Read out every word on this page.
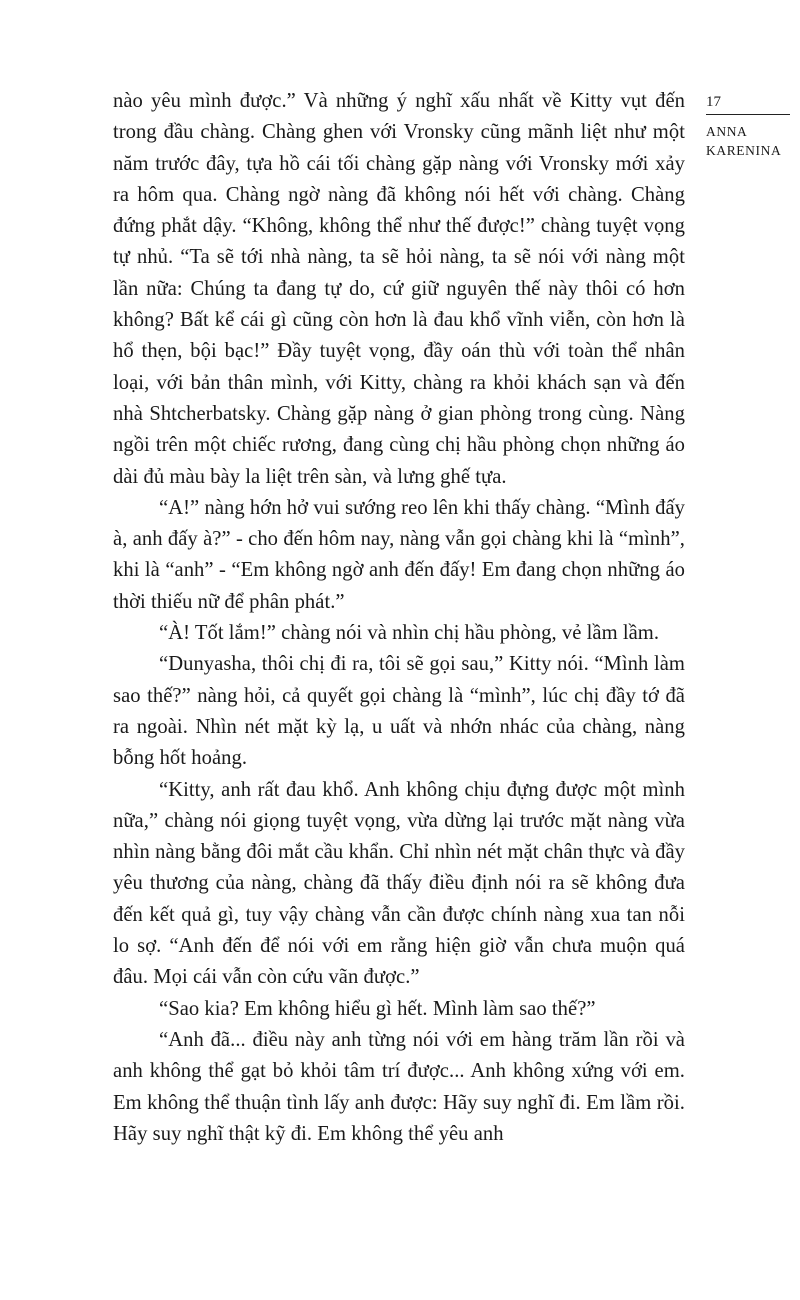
nào yêu mình được.” Và những ý nghĩ xấu nhất về Kitty vụt đến trong đầu chàng. Chàng ghen với Vronsky cũng mãnh liệt như một năm trước đây, tựa hồ cái tối chàng gặp nàng với Vronsky mới xảy ra hôm qua. Chàng ngờ nàng đã không nói hết với chàng. Chàng đứng phắt dậy. “Không, không thể như thế được!” chàng tuyệt vọng tự nhủ. “Ta sẽ tới nhà nàng, ta sẽ hỏi nàng, ta sẽ nói với nàng một lần nữa: Chúng ta đang tự do, cứ giữ nguyên thế này thôi có hơn không? Bất kể cái gì cũng còn hơn là đau khổ vĩnh viễn, còn hơn là hổ thẹn, bội bạc!” Đầy tuyệt vọng, đầy oán thù với toàn thể nhân loại, với bản thân mình, với Kitty, chàng ra khỏi khách sạn và đến nhà Shtcherbatsky. Chàng gặp nàng ở gian phòng trong cùng. Nàng ngồi trên một chiếc rương, đang cùng chị hầu phòng chọn những áo dài đủ màu bày la liệt trên sàn, và lưng ghế tựa.

“A!” nàng hớn hở vui sướng reo lên khi thấy chàng. “Mình đấy à, anh đấy à?” - cho đến hôm nay, nàng vẫn gọi chàng khi là “mình”, khi là “anh” - “Em không ngờ anh đến đấy! Em đang chọn những áo thời thiếu nữ để phân phát.”

“À! Tốt lắm!” chàng nói và nhìn chị hầu phòng, vẻ lầm lầm.

“Dunyasha, thôi chị đi ra, tôi sẽ gọi sau,” Kitty nói. “Mình làm sao thế?” nàng hỏi, cả quyết gọi chàng là “mình”, lúc chị đầy tớ đã ra ngoài. Nhìn nét mặt kỳ lạ, u uất và nhớn nhác của chàng, nàng bỗng hốt hoảng.

“Kitty, anh rất đau khổ. Anh không chịu đựng được một mình nữa,” chàng nói giọng tuyệt vọng, vừa dừng lại trước mặt nàng vừa nhìn nàng bằng đôi mắt cầu khẩn. Chỉ nhìn nét mặt chân thực và đầy yêu thương của nàng, chàng đã thấy điều định nói ra sẽ không đưa đến kết quả gì, tuy vậy chàng vẫn cần được chính nàng xua tan nỗi lo sợ. “Anh đến để nói với em rằng hiện giờ vẫn chưa muộn quá đâu. Mọi cái vẫn còn cứu vãn được.”

“Sao kia? Em không hiểu gì hết. Mình làm sao thế?”

“Anh đã... điều này anh từng nói với em hàng trăm lần rồi và anh không thể gạt bỏ khỏi tâm trí được... Anh không xứng với em. Em không thể thuận tình lấy anh được: Hãy suy nghĩ đi. Em lầm rồi. Hãy suy nghĩ thật kỹ đi. Em không thể yêu anh

17
ANNA
KARENINA
